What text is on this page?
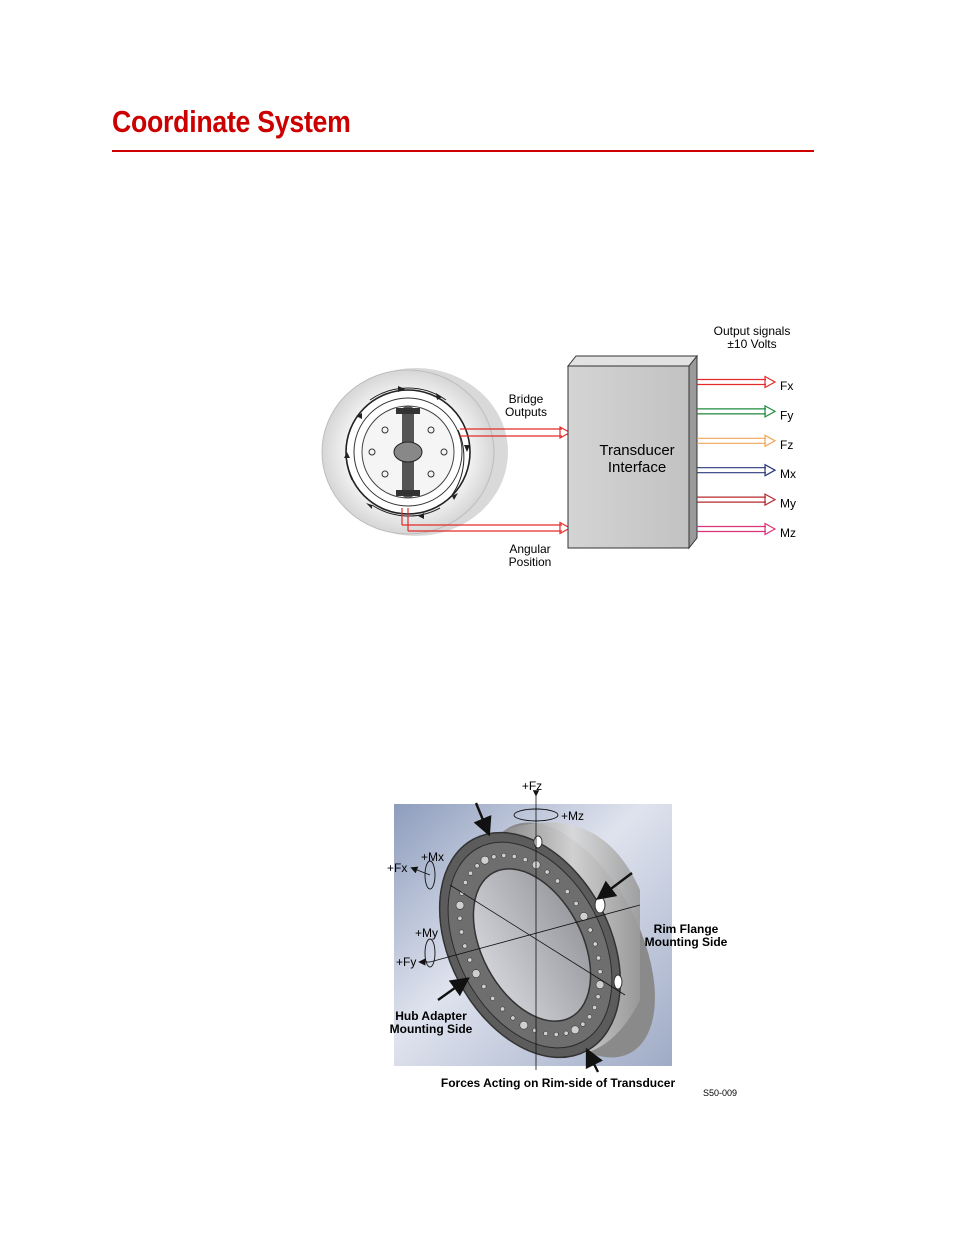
Coordinate System
Transducer
Interface
Bridge
Outputs
Angular
Position
Output signals
±10 Volts
Fx
Fy
Fz
Mx
My
Mz
+Fz
+Mz
+Mx
+Fx
+My
+Fy
Rim Flange
Mounting Side
Hub Adapter
Mounting Side
Forces Acting on Rim-side of Transducer
S50-009
